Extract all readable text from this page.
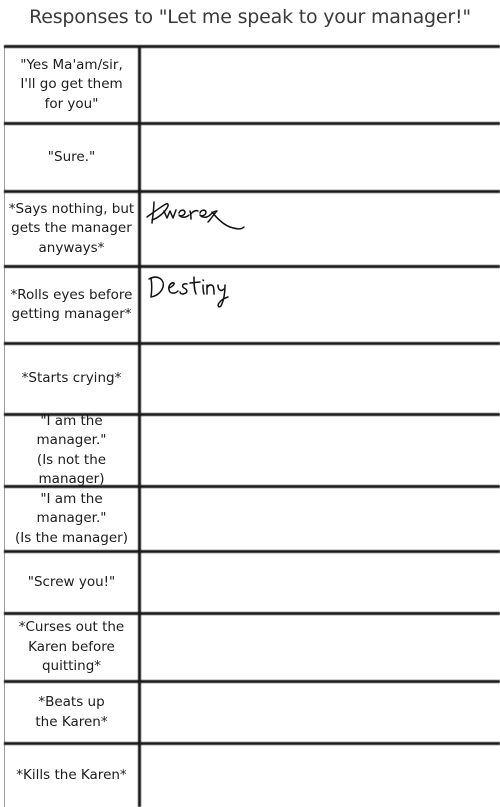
Responses to "Let me speak to your manager!"
"Yes Ma'am/sir,
I'll go get them
for you"
"Sure."
*Says nothing, but
gets the manager
anyways*
*Rolls eyes before
getting manager*
*Starts crying*
"I am the manager."
(Is not the manager)
"I am the manager."
(Is the manager)
"Screw you!"
*Curses out the
Karen before
quitting*
*Beats up
the Karen*
*Kills the Karen*
